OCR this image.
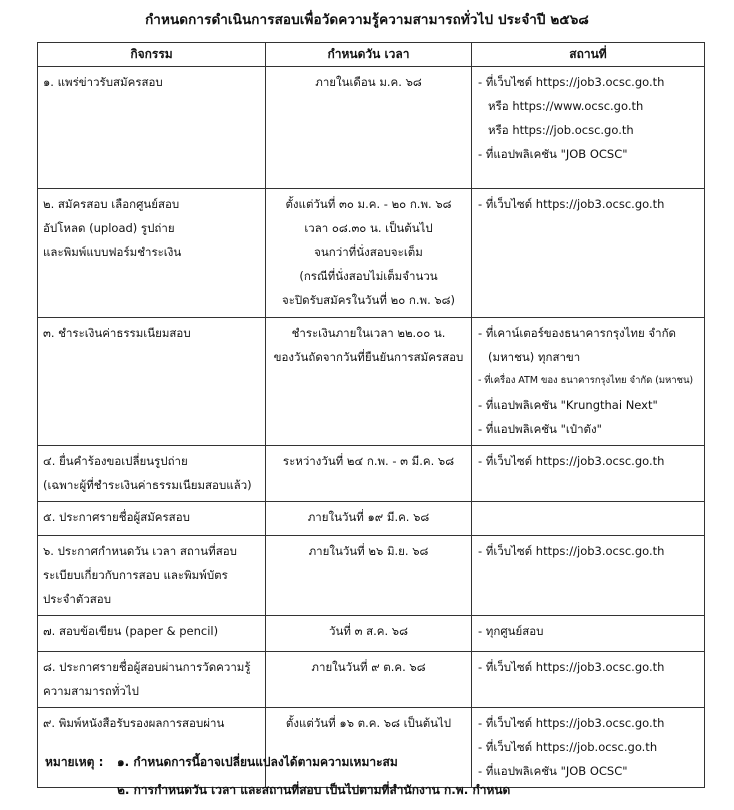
กำหนดการดำเนินการสอบเพื่อวัดความรู้ความสามารถทั่วไป ประจำปี ๒๕๖๘
กิจกรรม	กำหนดวัน เวลา	สถานที่

๑. แพร่ข่าวรับสมัครสอบ	ภายในเดือน ม.ค. ๖๘	- ที่เว็บไซต์ https://job3.ocsc.go.th
หรือ https://www.ocsc.go.th
หรือ https://job.ocsc.go.th
- ที่แอปพลิเคชัน "JOB OCSC"

๒. สมัครสอบ เลือกศูนย์สอบ
อัปโหลด (upload) รูปถ่าย
และพิมพ์แบบฟอร์มชำระเงิน	ตั้งแต่วันที่ ๓๐ ม.ค. - ๒๐ ก.พ. ๖๘
เวลา ๐๘.๓๐ น. เป็นต้นไป
จนกว่าที่นั่งสอบจะเต็ม
(กรณีที่นั่งสอบไม่เต็มจำนวน
จะปิดรับสมัครในวันที่ ๒๐ ก.พ. ๖๘)	- ที่เว็บไซต์ https://job3.ocsc.go.th

๓. ชำระเงินค่าธรรมเนียมสอบ	ชำระเงินภายในเวลา ๒๒.๐๐ น.
ของวันถัดจากวันที่ยืนยันการสมัครสอบ	- ที่เคาน์เตอร์ของธนาคารกรุงไทย จำกัด
(มหาชน) ทุกสาขา
- ที่เครื่อง ATM ของ ธนาคารกรุงไทย จำกัด (มหาชน)
- ที่แอปพลิเคชัน "Krungthai Next"
- ที่แอปพลิเคชัน "เป๋าตัง"

๔. ยื่นคำร้องขอเปลี่ยนรูปถ่าย
(เฉพาะผู้ที่ชำระเงินค่าธรรมเนียมสอบแล้ว)	ระหว่างวันที่ ๒๔ ก.พ. - ๓ มี.ค. ๖๘	- ที่เว็บไซต์ https://job3.ocsc.go.th

๕. ประกาศรายชื่อผู้สมัครสอบ	ภายในวันที่ ๑๙ มี.ค. ๖๘	

๖. ประกาศกำหนดวัน เวลา สถานที่สอบ
ระเบียบเกี่ยวกับการสอบ และพิมพ์บัตร
ประจำตัวสอบ	ภายในวันที่ ๒๖ มิ.ย. ๖๘	- ที่เว็บไซต์ https://job3.ocsc.go.th

๗. สอบข้อเขียน (paper & pencil)	วันที่ ๓ ส.ค. ๖๘	- ทุกศูนย์สอบ

๘. ประกาศรายชื่อผู้สอบผ่านการวัดความรู้
ความสามารถทั่วไป	ภายในวันที่ ๙ ต.ค. ๖๘	- ที่เว็บไซต์ https://job3.ocsc.go.th

๙. พิมพ์หนังสือรับรองผลการสอบผ่าน	ตั้งแต่วันที่ ๑๖ ต.ค. ๖๘ เป็นต้นไป	- ที่เว็บไซต์ https://job3.ocsc.go.th
- ที่เว็บไซต์ https://job.ocsc.go.th
- ที่แอปพลิเคชัน "JOB OCSC"
หมายเหตุ : ๑. กำหนดการนี้อาจเปลี่ยนแปลงได้ตามความเหมาะสม
๒. การกำหนดวัน เวลา และสถานที่สอบ เป็นไปตามที่สำนักงาน ก.พ. กำหนด
